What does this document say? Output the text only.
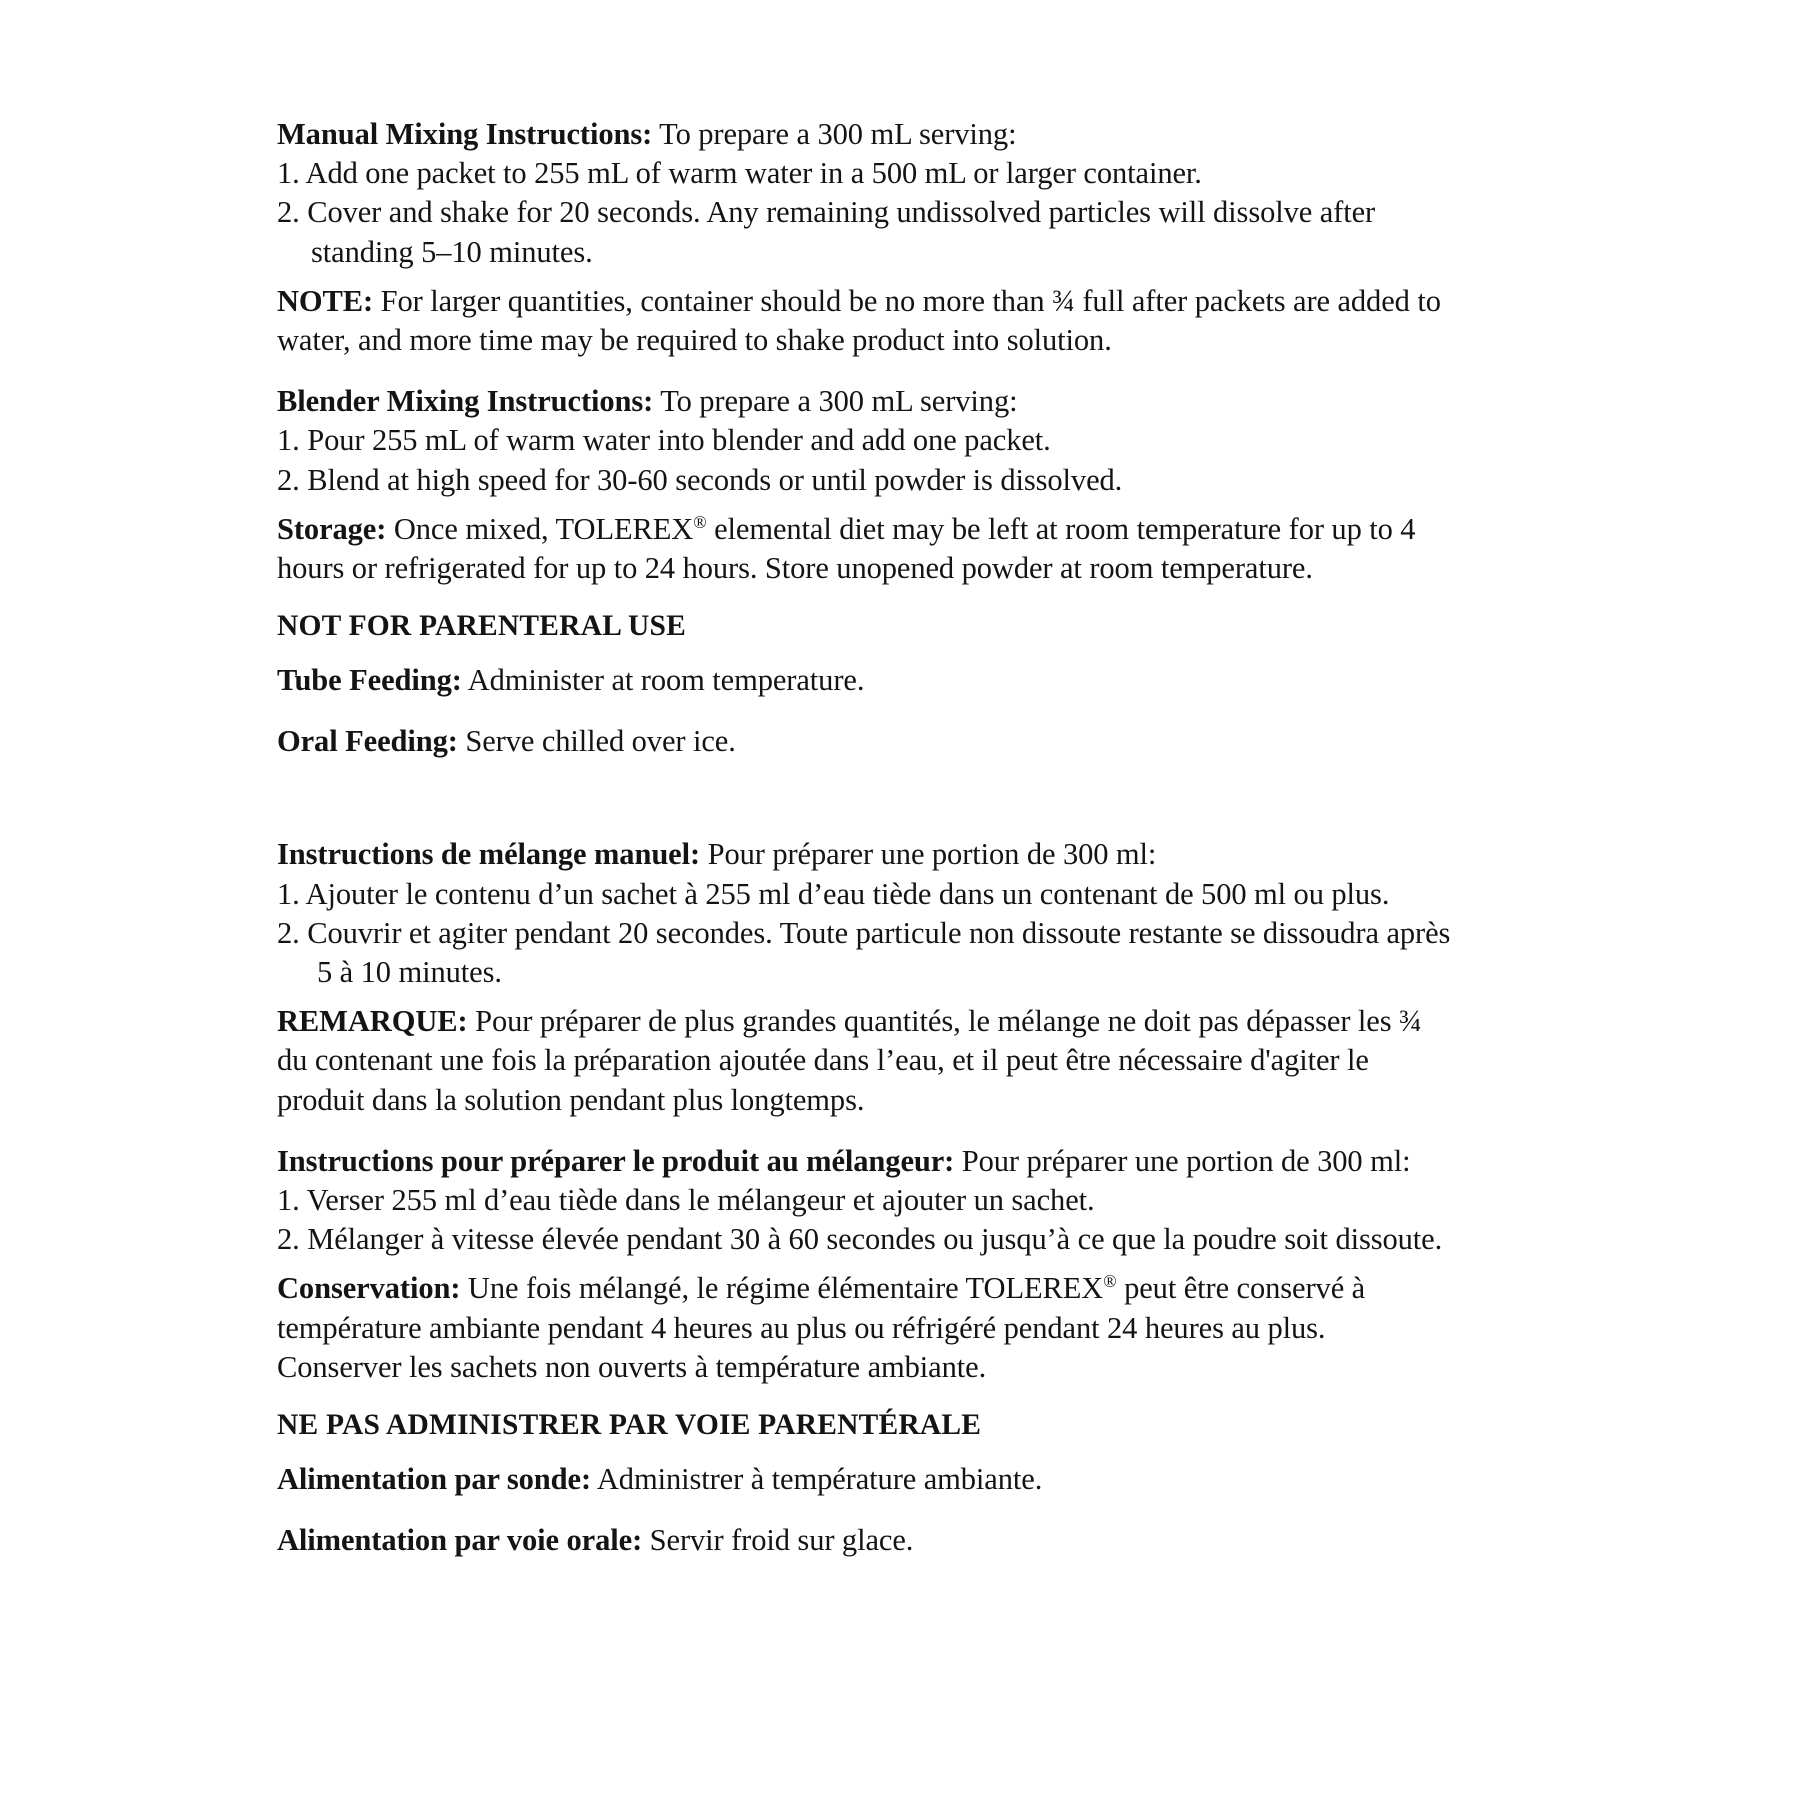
Manual Mixing Instructions: To prepare a 300 mL serving:

1. Add one packet to 255 mL of warm water in a 500 mL or larger container.

2. Cover and shake for 20 seconds. Any remaining undissolved particles will dissolve after standing 5–10 minutes.

NOTE: For larger quantities, container should be no more than ¾ full after packets are added to water, and more time may be required to shake product into solution.

Blender Mixing Instructions: To prepare a 300 mL serving:

1. Pour 255 mL of warm water into blender and add one packet.

2. Blend at high speed for 30-60 seconds or until powder is dissolved.

Storage: Once mixed, TOLEREX® elemental diet may be left at room temperature for up to 4 hours or refrigerated for up to 24 hours. Store unopened powder at room temperature.

NOT FOR PARENTERAL USE

Tube Feeding: Administer at room temperature.

Oral Feeding: Serve chilled over ice.

Instructions de mélange manuel: Pour préparer une portion de 300 ml:

1. Ajouter le contenu d’un sachet à 255 ml d’eau tiède dans un contenant de 500 ml ou plus.

2. Couvrir et agiter pendant 20 secondes. Toute particule non dissoute restante se dissoudra après 5 à 10 minutes.

REMARQUE: Pour préparer de plus grandes quantités, le mélange ne doit pas dépasser les ¾ du contenant une fois la préparation ajoutée dans l’eau, et il peut être nécessaire d'agiter le produit dans la solution pendant plus longtemps.

Instructions pour préparer le produit au mélangeur: Pour préparer une portion de 300 ml:

1. Verser 255 ml d’eau tiède dans le mélangeur et ajouter un sachet.

2. Mélanger à vitesse élevée pendant 30 à 60 secondes ou jusqu’à ce que la poudre soit dissoute.

Conservation: Une fois mélangé, le régime élémentaire TOLEREX® peut être conservé à température ambiante pendant 4 heures au plus ou réfrigéré pendant 24 heures au plus. Conserver les sachets non ouverts à température ambiante.

NE PAS ADMINISTRER PAR VOIE PARENTÉRALE

Alimentation par sonde: Administrer à température ambiante.

Alimentation par voie orale: Servir froid sur glace.
